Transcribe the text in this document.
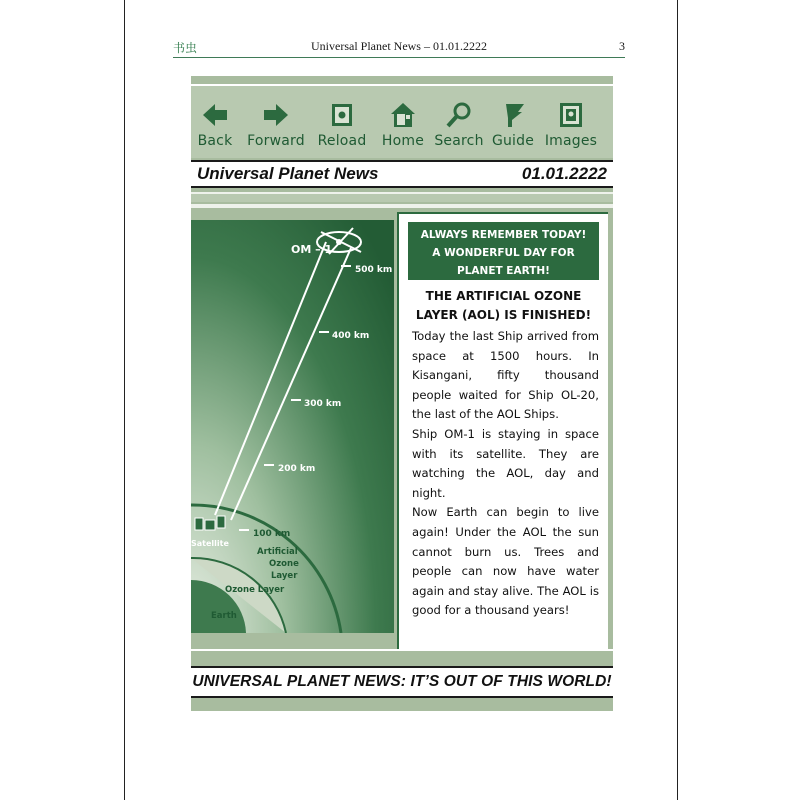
书虫	Universal Planet News – 01.01.2222	3
Back Forward Reload Home Search Guide Images
Universal Planet News	01.01.2222
OM – 1
500 km
400 km
300 km
200 km
100 km
Satellite
Artificial
Ozone
Layer
Ozone Layer
Earth
ALWAYS REMEMBER TODAY!
A WONDERFUL DAY FOR
PLANET EARTH!
THE ARTIFICIAL OZONE
LAYER (AOL) IS FINISHED!

Today the last Ship arrived from space at 1500 hours. In Kisangani, fifty thousand people waited for Ship OL-20, the last of the AOL Ships.

Ship OM-1 is staying in space with its satellite. They are watching the AOL, day and night.

Now Earth can begin to live again! Under the AOL the sun cannot burn us. Trees and people can now have water again and stay alive. The AOL is good for a thousand years!

UNIVERSAL PLANET NEWS: IT’S OUT OF THIS WORLD!
